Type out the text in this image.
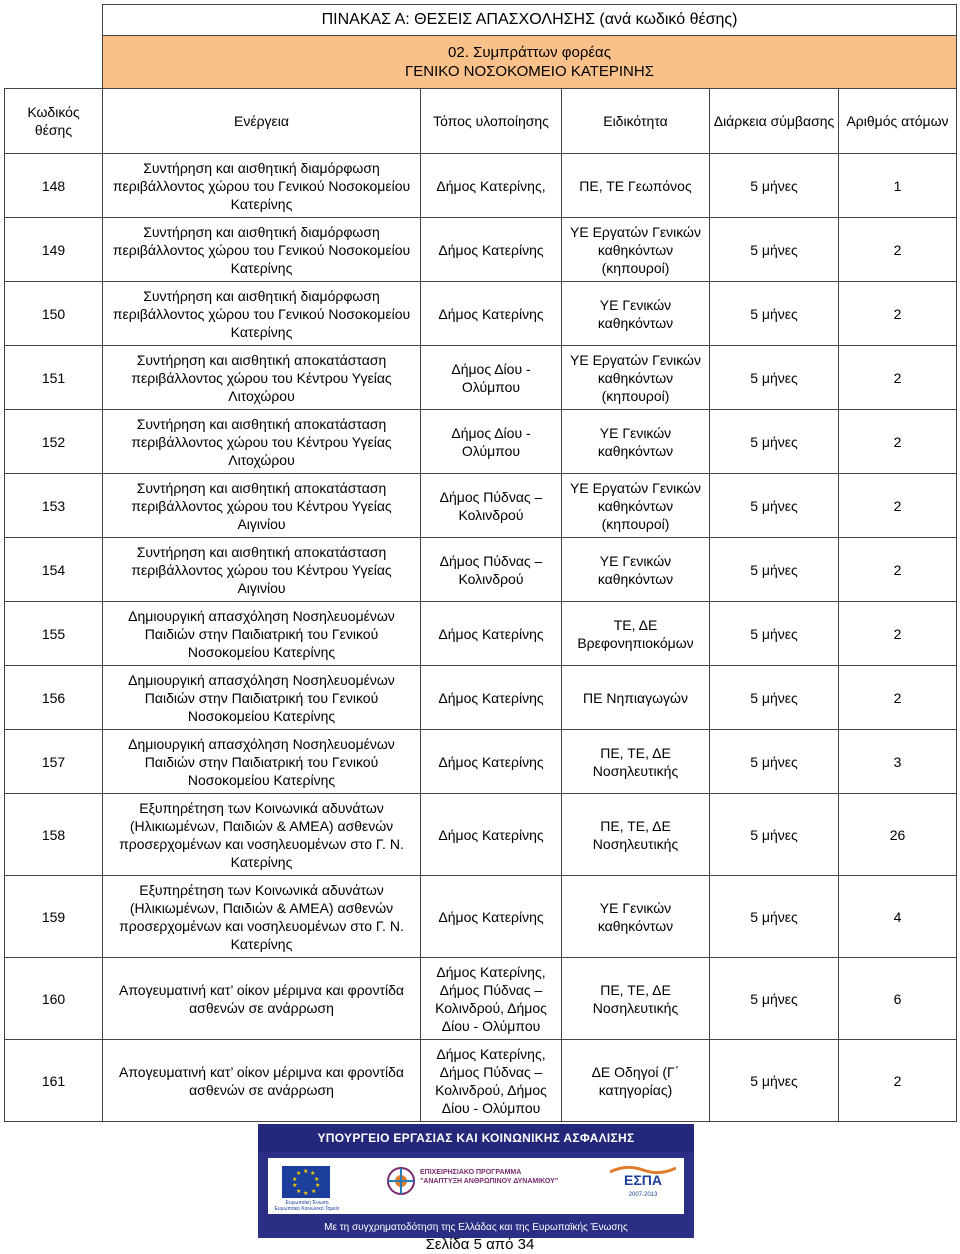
	ΠΙΝΑΚΑΣ Α: ΘΕΣΕΙΣ ΑΠΑΣΧΟΛΗΣΗΣ (ανά κωδικό θέσης)				

	02. Συμπράττων φορέας
ΓΕΝΙΚΟ ΝΟΣΟΚΟΜΕΙΟ ΚΑΤΕΡΙΝΗΣ				

Κωδικός θέσης	Ενέργεια	Τόπος υλοποίησης	Ειδικότητα	Διάρκεια σύμβασης	Αριθμός ατόμων
148	Συντήρηση και αισθητική διαμόρφωση περιβάλλοντος χώρου του Γενικού Νοσοκομείου Κατερίνης	Δήμος Κατερίνης,	ΠΕ, ΤΕ Γεωπόνος	5 μήνες	1
149	Συντήρηση και αισθητική διαμόρφωση περιβάλλοντος χώρου του Γενικού Νοσοκομείου Κατερίνης	Δήμος Κατερίνης	ΥΕ Εργατών Γενικών καθηκόντων (κηπουροί)	5 μήνες	2
150	Συντήρηση και αισθητική διαμόρφωση περιβάλλοντος χώρου του Γενικού Νοσοκομείου Κατερίνης	Δήμος Κατερίνης	ΥΕ Γενικών καθηκόντων	5 μήνες	2
151	Συντήρηση και αισθητική αποκατάσταση περιβάλλοντος χώρου του Κέντρου Υγείας Λιτοχώρου	Δήμος Δίου - Ολύμπου	ΥΕ Εργατών Γενικών καθηκόντων (κηπουροί)	5 μήνες	2
152	Συντήρηση και αισθητική αποκατάσταση περιβάλλοντος χώρου του Κέντρου Υγείας Λιτοχώρου	Δήμος Δίου - Ολύμπου	ΥΕ Γενικών καθηκόντων	5 μήνες	2
153	Συντήρηση και αισθητική αποκατάσταση περιβάλλοντος χώρου του Κέντρου Υγείας Αιγινίου	Δήμος Πύδνας – Κολινδρού	ΥΕ Εργατών Γενικών καθηκόντων (κηπουροί)	5 μήνες	2
154	Συντήρηση και αισθητική αποκατάσταση περιβάλλοντος χώρου του Κέντρου Υγείας Αιγινίου	Δήμος Πύδνας – Κολινδρού	ΥΕ Γενικών καθηκόντων	5 μήνες	2
155	Δημιουργική απασχόληση Νοσηλευομένων Παιδιών στην Παιδιατρική του Γενικού Νοσοκομείου Κατερίνης	Δήμος Κατερίνης	ΤΕ, ΔΕ Βρεφονηπιοκόμων	5 μήνες	2
156	Δημιουργική απασχόληση Νοσηλευομένων Παιδιών στην Παιδιατρική του Γενικού Νοσοκομείου Κατερίνης	Δήμος Κατερίνης	ΠΕ Νηπιαγωγών	5 μήνες	2
157	Δημιουργική απασχόληση Νοσηλευομένων Παιδιών στην Παιδιατρική του Γενικού Νοσοκομείου Κατερίνης	Δήμος Κατερίνης	ΠΕ, ΤΕ, ΔΕ Νοσηλευτικής	5 μήνες	3
158	Εξυπηρέτηση των Κοινωνικά αδυνάτων (Ηλικιωμένων, Παιδιών & ΑΜΕΑ) ασθενών προσερχομένων και νοσηλευομένων στο Γ. Ν. Κατερίνης	Δήμος Κατερίνης	ΠΕ, ΤΕ, ΔΕ Νοσηλευτικής	5 μήνες	26
159	Εξυπηρέτηση των Κοινωνικά αδυνάτων (Ηλικιωμένων, Παιδιών & ΑΜΕΑ) ασθενών προσερχομένων και νοσηλευομένων στο Γ. Ν. Κατερίνης	Δήμος Κατερίνης	ΥΕ Γενικών καθηκόντων	5 μήνες	4
160	Απογευματινή κατ’ οίκον μέριμνα και φροντίδα ασθενών σε ανάρρωση	Δήμος Κατερίνης, Δήμος Πύδνας – Κολινδρού, Δήμος Δίου - Ολύμπου	ΠΕ, ΤΕ, ΔΕ Νοσηλευτικής	5 μήνες	6
161	Απογευματινή κατ’ οίκον μέριμνα και φροντίδα ασθενών σε ανάρρωση	Δήμος Κατερίνης, Δήμος Πύδνας – Κολινδρού, Δήμος Δίου - Ολύμπου	ΔΕ Οδηγοί (Γ΄ κατηγορίας)	5 μήνες	2
ΥΠΟΥΡΓΕΙΟ ΕΡΓΑΣΙΑΣ ΚΑΙ ΚΟΙΝΩΝΙΚΗΣ ΑΣΦΑΛΙΣΗΣ
★ ★
★
★
★
★
★
★
★
★
Ευρωπαϊκή Ένωση Ευρωπαϊκό Κοινωνικό Ταμείο
ΕΠΙΧΕΙΡΗΣΙΑΚΟ ΠΡΟΓΡΑΜΜΑ
"ΑΝΑΠΤΥΞΗ ΑΝΘΡΩΠΙΝΟΥ ΔΥΝΑΜΙΚΟΥ"	ΕΣΠΑ
2007-2013
Με τη συγχρηματοδότηση της Ελλάδας και της Ευρωπαϊκής Ένωσης
Σελίδα 5 από 34
